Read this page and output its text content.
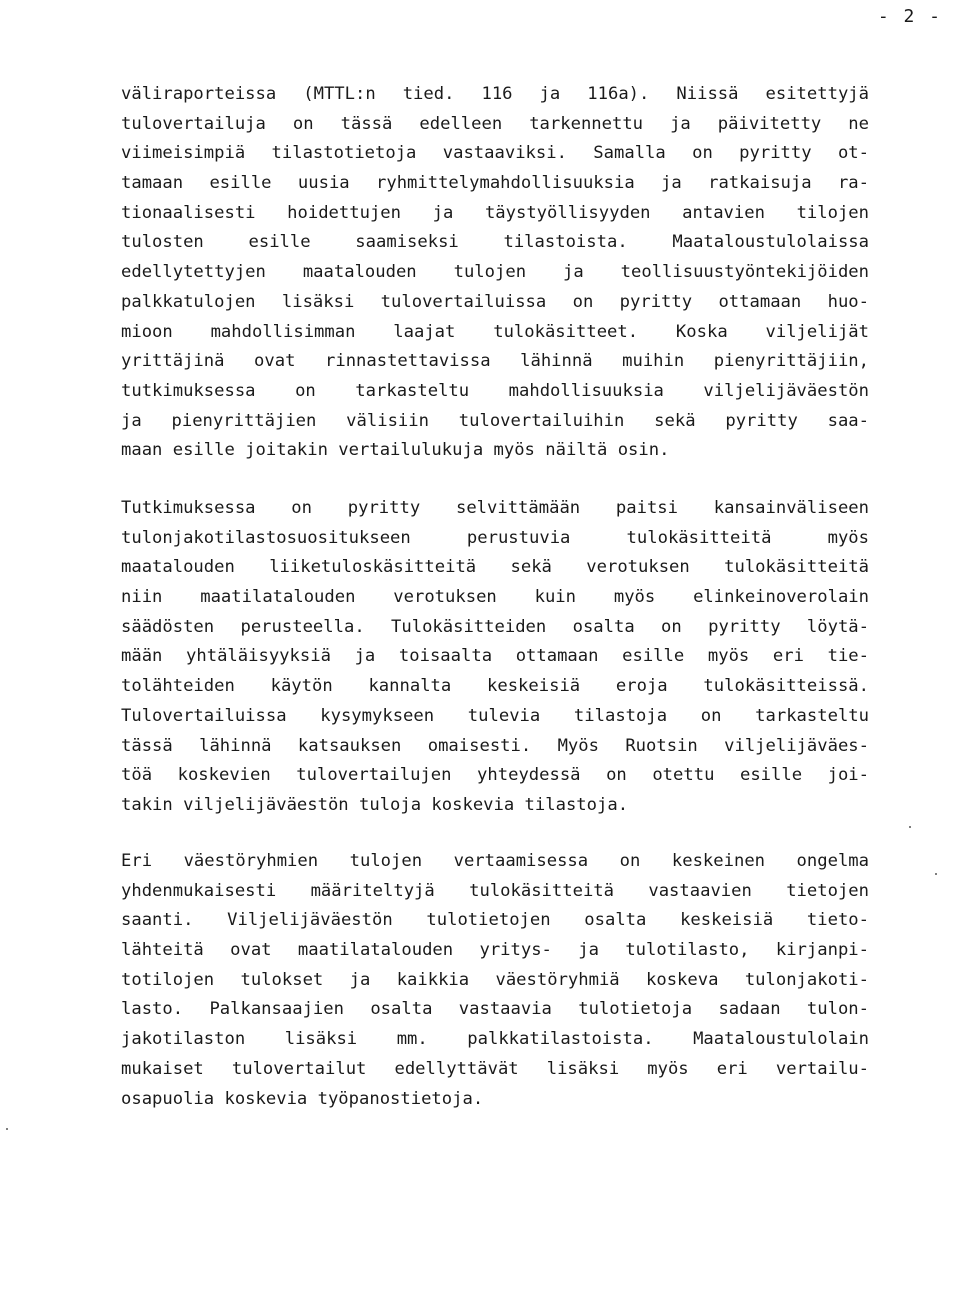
- 2 -
väliraporteissa (MTTL:n tied. 116 ja 116a). Niissä esitettyjä
tulovertailuja on tässä edelleen tarkennettu ja päivitetty ne
viimeisimpiä tilastotietoja vastaaviksi. Samalla on pyritty ot-
tamaan esille uusia ryhmittelymahdollisuuksia ja ratkaisuja ra-
tionaalisesti hoidettujen ja täystyöllisyyden antavien tilojen
tulosten esille saamiseksi tilastoista. Maataloustulolaissa
edellytettyjen maatalouden tulojen ja teollisuustyöntekijöiden
palkkatulojen lisäksi tulovertailuissa on pyritty ottamaan huo-
mioon mahdollisimman laajat tulokäsitteet. Koska viljelijät
yrittäjinä ovat rinnastettavissa lähinnä muihin pienyrittäjiin,
tutkimuksessa on tarkasteltu mahdollisuuksia viljelijäväestön
ja pienyrittäjien välisiin tulovertailuihin sekä pyritty saa-
maan esille joitakin vertailulukuja myös näiltä osin.
Tutkimuksessa on pyritty selvittämään paitsi kansainväliseen
tulonjakotilastosuositukseen perustuvia tulokäsitteitä myös
maatalouden liiketuloskäsitteitä sekä verotuksen tulokäsitteitä
niin maatilatalouden verotuksen kuin myös elinkeinoverolain
säädösten perusteella. Tulokäsitteiden osalta on pyritty löytä-
mään yhtäläisyyksiä ja toisaalta ottamaan esille myös eri tie-
tolähteiden käytön kannalta keskeisiä eroja tulokäsitteissä.
Tulovertailuissa kysymykseen tulevia tilastoja on tarkasteltu
tässä lähinnä katsauksen omaisesti. Myös Ruotsin viljelijäväes-
töä koskevien tulovertailujen yhteydessä on otettu esille joi-
takin viljelijäväestön tuloja koskevia tilastoja.
Eri väestöryhmien tulojen vertaamisessa on keskeinen ongelma
yhdenmukaisesti määriteltyjä tulokäsitteitä vastaavien tietojen
saanti. Viljelijäväestön tulotietojen osalta keskeisiä tieto-
lähteitä ovat maatilatalouden yritys- ja tulotilasto, kirjanpi-
totilojen tulokset ja kaikkia väestöryhmiä koskeva tulonjakoti-
lasto. Palkansaajien osalta vastaavia tulotietoja sadaan tulon-
jakotilaston lisäksi mm. palkkatilastoista. Maataloustulolain
mukaiset tulovertailut edellyttävät lisäksi myös eri vertailu-
osapuolia koskevia työpanostietoja.
